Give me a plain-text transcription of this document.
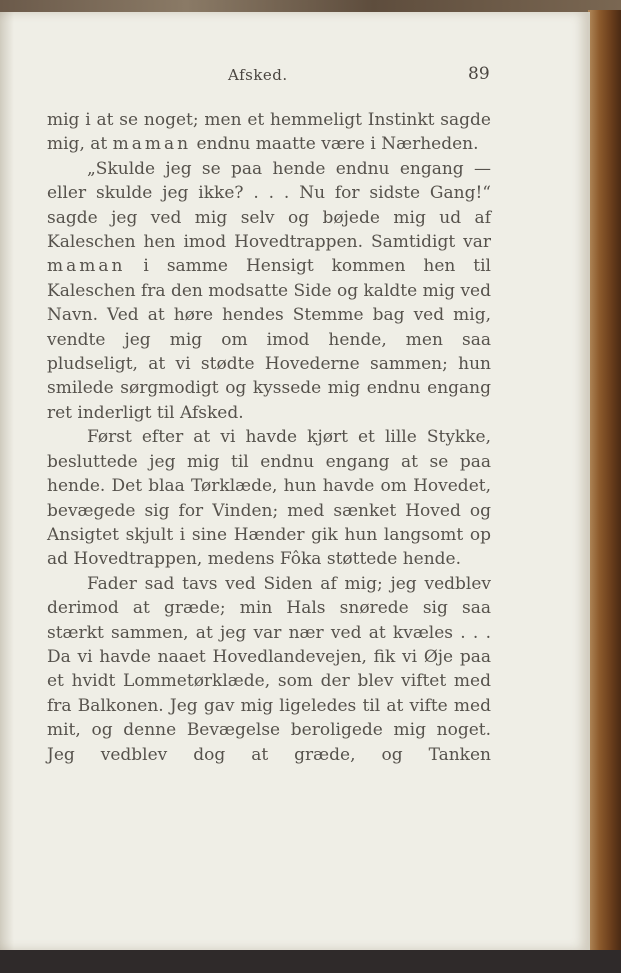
Afsked.	89

mig i at se noget; men et hemmeligt Instinkt sagde mig, at maman endnu maatte være i Nærheden.

„Skulde jeg se paa hende endnu engang — eller skulde jeg ikke? . . . Nu for sidste Gang!“ sagde jeg ved mig selv og bøjede mig ud af Kaleschen hen imod Hovedtrappen. Samtidigt var maman i samme Hensigt kommen hen til Kaleschen fra den modsatte Side og kaldte mig ved Navn. Ved at høre hendes Stemme bag ved mig, vendte jeg mig om imod hende, men saa pludseligt, at vi stødte Hovederne sammen; hun smilede sørgmodigt og kyssede mig endnu engang ret inderligt til Afsked.

Først efter at vi havde kjørt et lille Stykke, besluttede jeg mig til endnu engang at se paa hende. Det blaa Tørklæde, hun havde om Hovedet, bevægede sig for Vinden; med sænket Hoved og Ansigtet skjult i sine Hænder gik hun langsomt op ad Hovedtrappen, medens Fôka støttede hende.

Fader sad tavs ved Siden af mig; jeg vedblev derimod at græde; min Hals snørede sig saa stærkt sammen, at jeg var nær ved at kvæles . . . Da vi havde naaet Hovedlandevejen, fik vi Øje paa et hvidt Lommetørklæde, som der blev viftet med fra Balkonen. Jeg gav mig ligeledes til at vifte med mit, og denne Bevægelse beroligede mig noget. Jeg vedblev dog at græde, og Tanken
